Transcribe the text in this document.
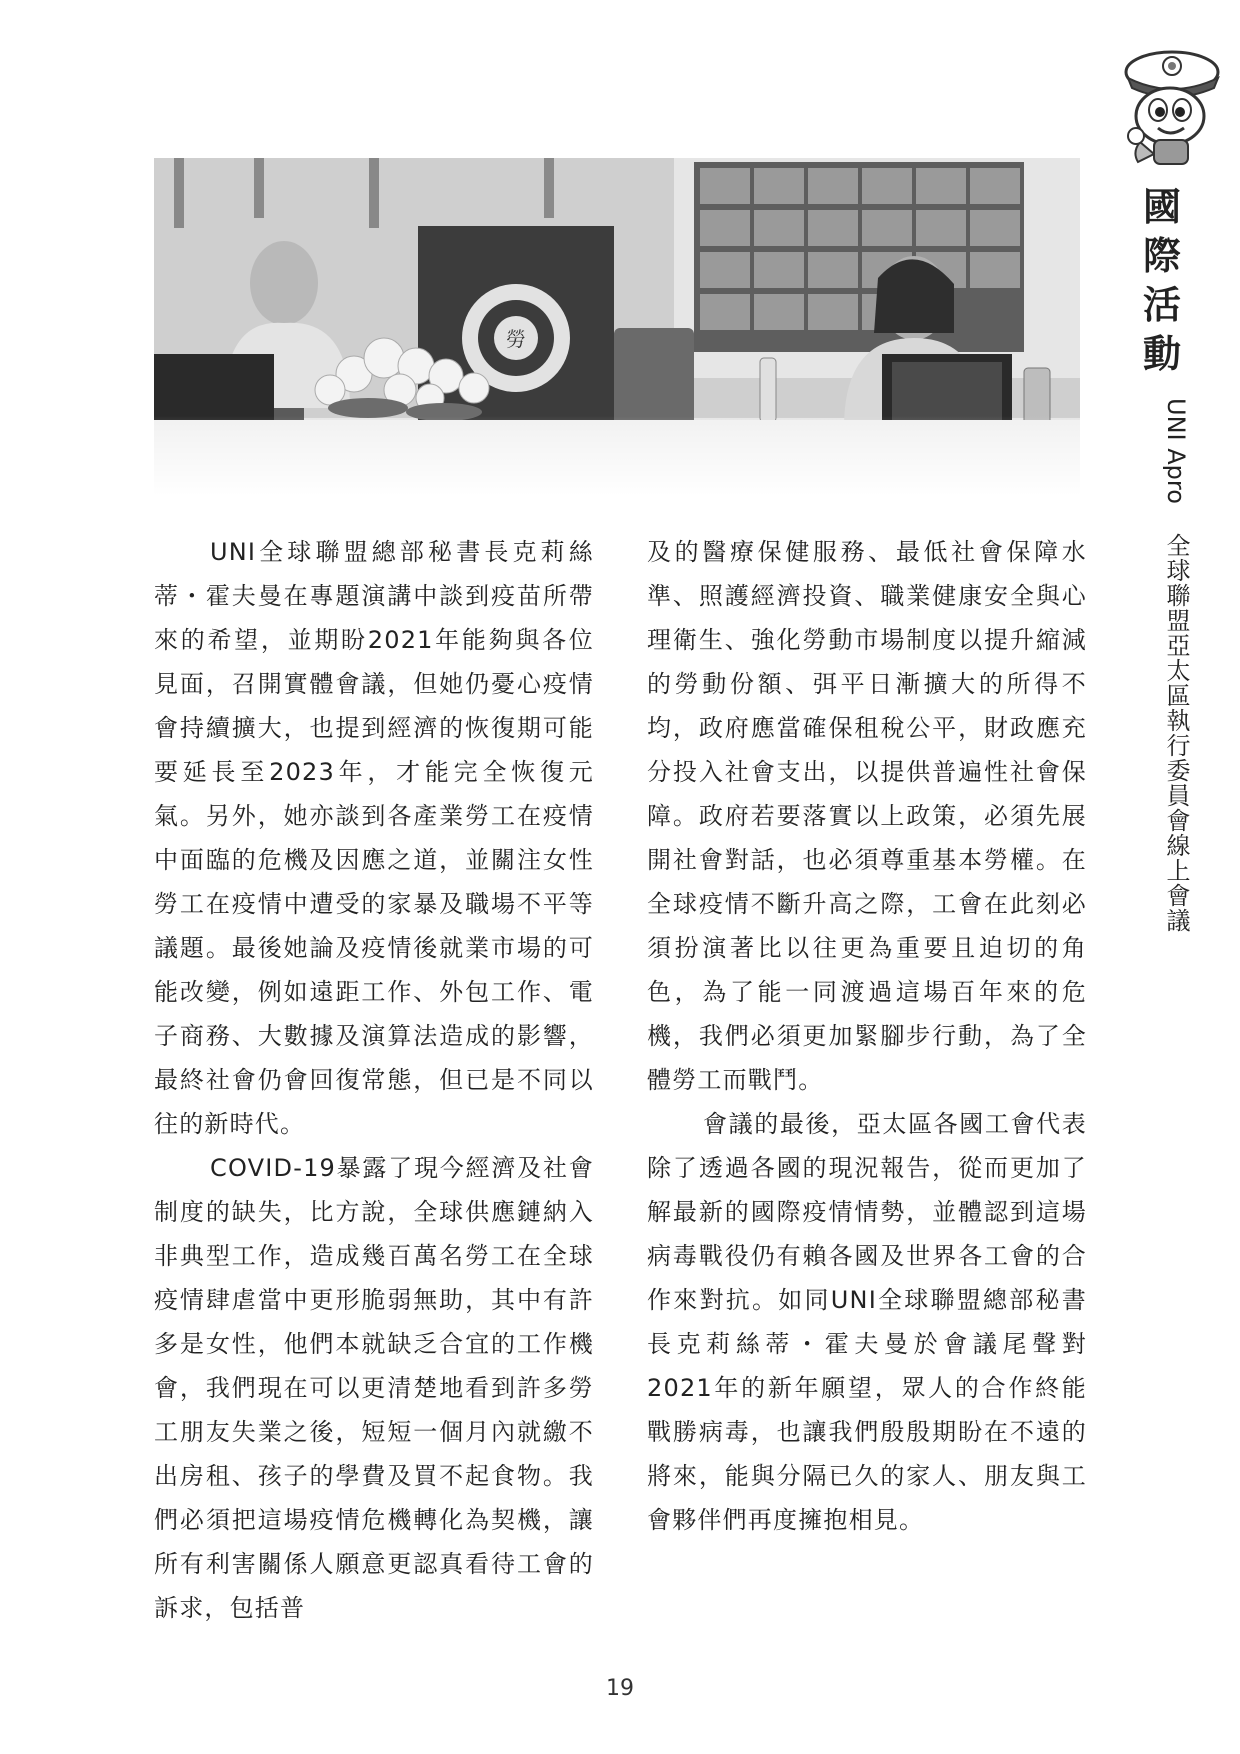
國
際
活
動
UNI Apro 全球聯盟亞太區執行委員會線上會議
勞

UNI全球聯盟總部秘書長克莉絲蒂・霍夫曼在專題演講中談到疫苗所帶來的希望，並期盼2021年能夠與各位見面，召開實體會議，但她仍憂心疫情會持續擴大，也提到經濟的恢復期可能要延長至2023年，才能完全恢復元氣。另外，她亦談到各產業勞工在疫情中面臨的危機及因應之道，並關注女性勞工在疫情中遭受的家暴及職場不平等議題。最後她論及疫情後就業市場的可能改變，例如遠距工作、外包工作、電子商務、大數據及演算法造成的影響，最終社會仍會回復常態，但已是不同以往的新時代。

COVID-19暴露了現今經濟及社會制度的缺失，比方說，全球供應鏈納入非典型工作，造成幾百萬名勞工在全球疫情肆虐當中更形脆弱無助，其中有許多是女性，他們本就缺乏合宜的工作機會，我們現在可以更清楚地看到許多勞工朋友失業之後，短短一個月內就繳不出房租、孩子的學費及買不起食物。我們必須把這場疫情危機轉化為契機，讓所有利害關係人願意更認真看待工會的訴求，包括普

及的醫療保健服務、最低社會保障水準、照護經濟投資、職業健康安全與心理衛生、強化勞動市場制度以提升縮減的勞動份額、弭平日漸擴大的所得不均，政府應當確保租稅公平，財政應充分投入社會支出，以提供普遍性社會保障。政府若要落實以上政策，必須先展開社會對話，也必須尊重基本勞權。在全球疫情不斷升高之際，工會在此刻必須扮演著比以往更為重要且迫切的角色，為了能一同渡過這場百年來的危機，我們必須更加緊腳步行動，為了全體勞工而戰鬥。

會議的最後，亞太區各國工會代表除了透過各國的現況報告，從而更加了解最新的國際疫情情勢，並體認到這場病毒戰役仍有賴各國及世界各工會的合作來對抗。如同UNI全球聯盟總部秘書長克莉絲蒂・霍夫曼於會議尾聲對2021年的新年願望，眾人的合作終能戰勝病毒，也讓我們殷殷期盼在不遠的將來，能與分隔已久的家人、朋友與工會夥伴們再度擁抱相見。

19
